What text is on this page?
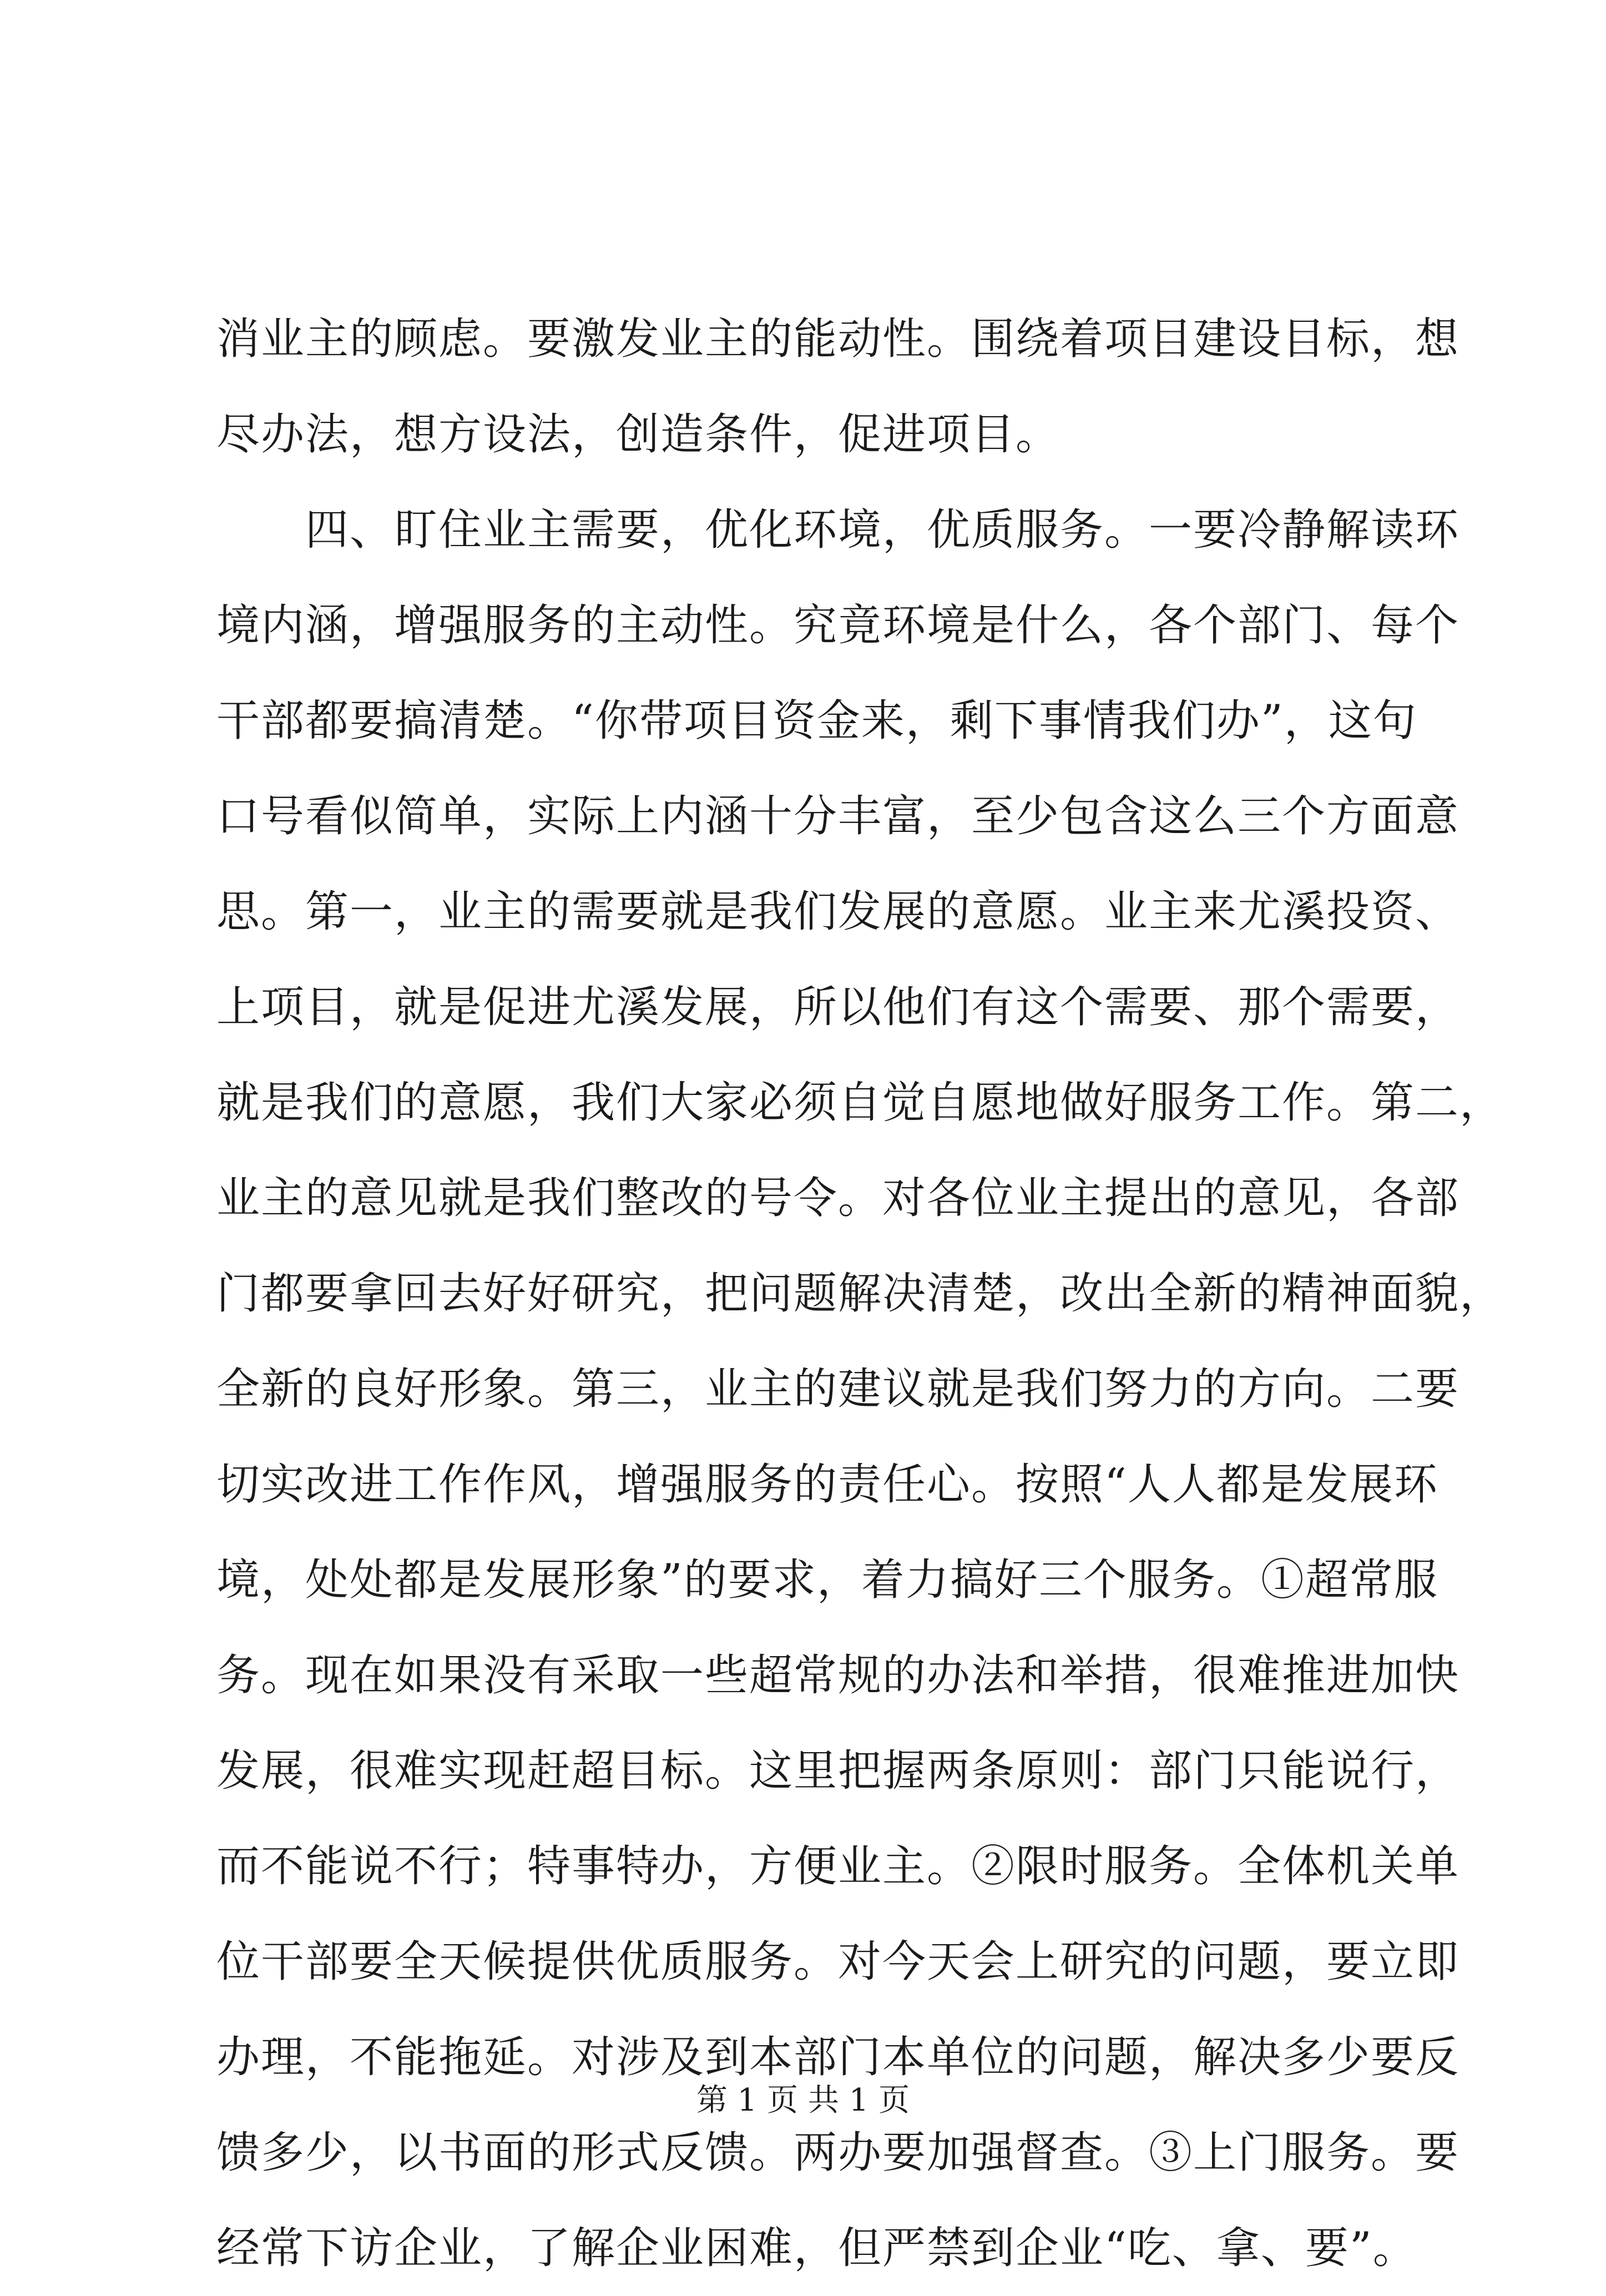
消业主的顾虑。要激发业主的能动性。围绕着项目建设目标，想
尽办法，想方设法，创造条件，促进项目。
四、盯住业主需要，优化环境，优质服务。一要冷静解读环
境内涵，增强服务的主动性。究竟环境是什么，各个部门、每个
干部都要搞清楚。“你带项目资金来，剩下事情我们办”，这句
口号看似简单，实际上内涵十分丰富，至少包含这么三个方面意
思。第一，业主的需要就是我们发展的意愿。业主来尤溪投资、
上项目，就是促进尤溪发展，所以他们有这个需要、那个需要，
就是我们的意愿，我们大家必须自觉自愿地做好服务工作。第二，
业主的意见就是我们整改的号令。对各位业主提出的意见，各部
门都要拿回去好好研究，把问题解决清楚，改出全新的精神面貌，
全新的良好形象。第三，业主的建议就是我们努力的方向。二要
切实改进工作作风，增强服务的责任心。按照“人人都是发展环
境，处处都是发展形象”的要求，着力搞好三个服务。①超常服
务。现在如果没有采取一些超常规的办法和举措，很难推进加快
发展，很难实现赶超目标。这里把握两条原则：部门只能说行，
而不能说不行；特事特办，方便业主。②限时服务。全体机关单
位干部要全天候提供优质服务。对今天会上研究的问题，要立即
办理，不能拖延。对涉及到本部门本单位的问题，解决多少要反
馈多少，以书面的形式反馈。两办要加强督查。③上门服务。要
经常下访企业，了解企业困难，但严禁到企业“吃、拿、要”。
第 1 页 共 1 页
